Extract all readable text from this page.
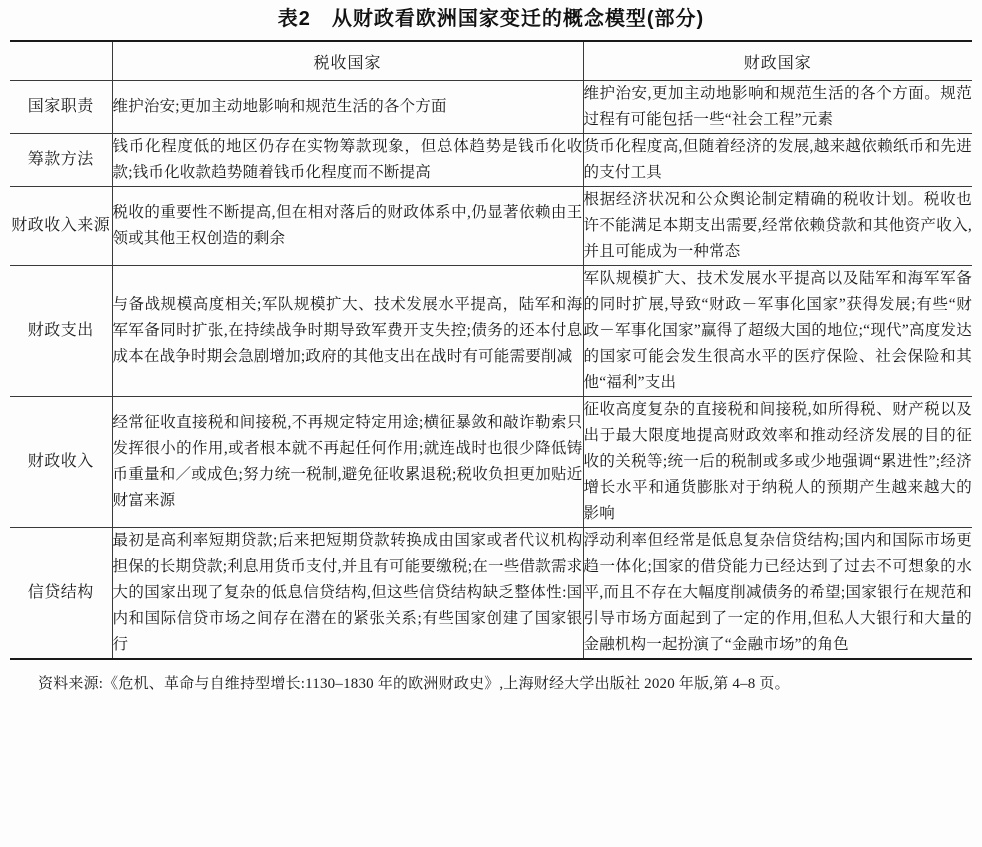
表2　从财政看欧洲国家变迁的概念模型(部分)
	税收国家	财政国家
国家职责	维护治安;更加主动地影响和规范生活的各个方面	维护治安,更加主动地影响和规范生活的各个方面。规范过程有可能包括一些“社会工程”元素

筹款方法	钱币化程度低的地区仍存在实物筹款现象，但总体趋势是钱币化收款;钱币化收款趋势随着钱币化程度而不断提高	货币化程度高,但随着经济的发展,越来越依赖纸币和先进的支付工具

财政收入来源	税收的重要性不断提高,但在相对落后的财政体系中,仍显著依赖由王领或其他王权创造的剩余	根据经济状况和公众舆论制定精确的税收计划。税收也许不能满足本期支出需要,经常依赖贷款和其他资产收入,并且可能成为一种常态

财政支出	与备战规模高度相关;军队规模扩大、技术发展水平提高，陆军和海军军备同时扩张,在持续战争时期导致军费开支失控;债务的还本付息成本在战争时期会急剧增加;政府的其他支出在战时有可能需要削减	军队规模扩大、技术发展水平提高以及陆军和海军军备的同时扩展,导致“财政－军事化国家”获得发展;有些“财政－军事化国家”赢得了超级大国的地位;“现代”高度发达的国家可能会发生很高水平的医疗保险、社会保险和其他“福利”支出

财政收入	经常征收直接税和间接税,不再规定特定用途;横征暴敛和敲诈勒索只发挥很小的作用,或者根本就不再起任何作用;就连战时也很少降低铸币重量和／或成色;努力统一税制,避免征收累退税;税收负担更加贴近财富来源	征收高度复杂的直接税和间接税,如所得税、财产税以及出于最大限度地提高财政效率和推动经济发展的目的征收的关税等;统一后的税制或多或少地强调“累进性”;经济增长水平和通货膨胀对于纳税人的预期产生越来越大的影响

信贷结构	最初是高利率短期贷款;后来把短期贷款转换成由国家或者代议机构担保的长期贷款;利息用货币支付,并且有可能要缴税;在一些借款需求大的国家出现了复杂的低息信贷结构,但这些信贷结构缺乏整体性:国内和国际信贷市场之间存在潜在的紧张关系;有些国家创建了国家银行	浮动利率但经常是低息复杂信贷结构;国内和国际市场更趋一体化;国家的借贷能力已经达到了过去不可想象的水平,而且不存在大幅度削减债务的希望;国家银行在规范和引导市场方面起到了一定的作用,但私人大银行和大量的金融机构一起扮演了“金融市场”的角色
资料来源:《危机、革命与自维持型增长:1130–1830 年的欧洲财政史》,上海财经大学出版社 2020 年版,第 4–8 页。
